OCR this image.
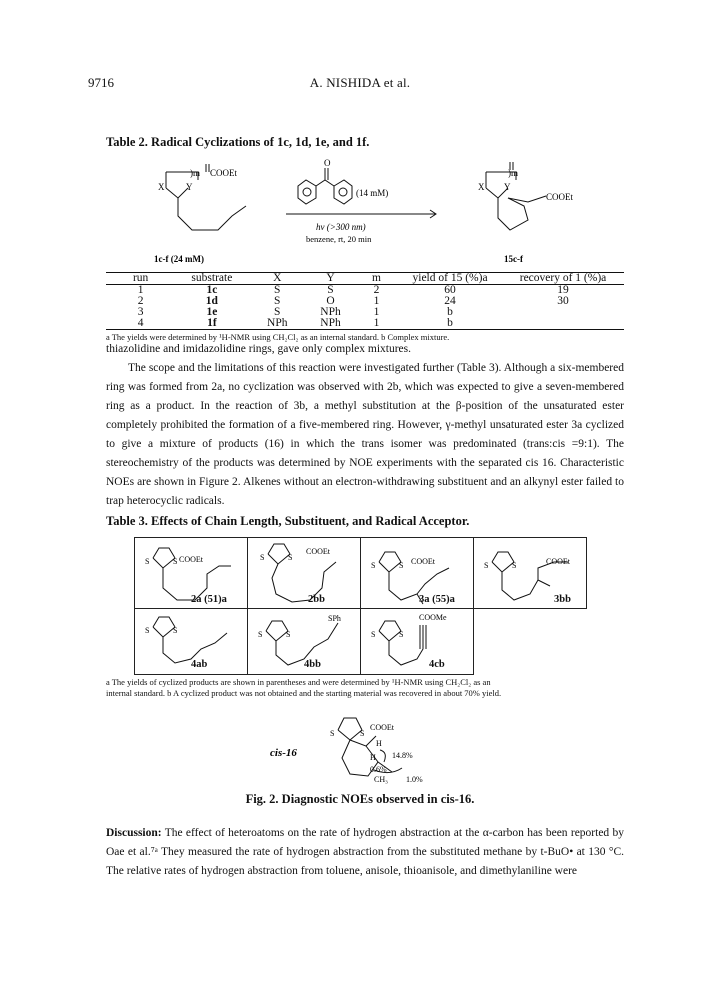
9716	A. NISHIDA et al.
Table 2. Radical Cyclizations of 1c, 1d, 1e, and 1f.
)m COOEt
X Y
O
(14 mM)
hν (>300 nm)
benzene, rt, 20 min
)m
X Y
COOEt
1c-f (24 mM)	15c-f
run	substrate	X	Y	m	yield of 15 (%)a	recovery of 1 (%)a
1	1c	S	S	2	60	19
2	1d	S	O	1	24	30
3	1e	S	NPh	1	b	
4	1f	NPh	NPh	1	b	
a The yields were determined by ¹H-NMR using CH₂Cl₂ as an internal standard. b Complex mixture.

thiazolidine and imidazolidine rings, gave only complex mixtures.

The scope and the limitations of this reaction were investigated further (Table 3). Although a six-membered ring was formed from 2a, no cyclization was observed with 2b, which was expected to give a seven-membered ring as a product. In the reaction of 3b, a methyl substitution at the β-position of the unsaturated ester completely prohibited the formation of a five-membered ring. However, γ-methyl unsaturated ester 3a cyclized to give a mixture of products (16) in which the trans isomer was predominated (trans:cis =9:1). The stereochemistry of the products was determined by NOE experiments with the separated cis 16. Characteristic NOEs are shown in Figure 2. Alkenes without an electron-withdrawing substituent and an alkynyl ester failed to trap heterocyclic radicals.

Table 3. Effects of Chain Length, Substituent, and Radical Acceptor.
S	S COOEt
2a (51)a
S	S
COOEt
2bb
S	S COOEt
3a (55)a
S	S	COOEt
3bb
S	S
4ab
S	S
SPh
4bb
S	S
COOMe
4cb
a The yields of cyclized products are shown in parentheses and were determined by ¹H-NMR using CH₂Cl₂ as an
internal standard. b A cyclized product was not obtained and the starting material was recovered in about 70% yield.
cis-16
S	S
COOEt
H
H 14.8%
0.6%
CH₃ 1.0%
Fig. 2. Diagnostic NOEs observed in cis-16.

Discussion: The effect of heteroatoms on the rate of hydrogen abstraction at the α-carbon has been reported by Oae et al.⁷ᵃ They measured the rate of hydrogen abstraction from the substituted methane by t-BuO• at 130 °C. The relative rates of hydrogen abstraction from toluene, anisole, thioanisole, and dimethylaniline were
